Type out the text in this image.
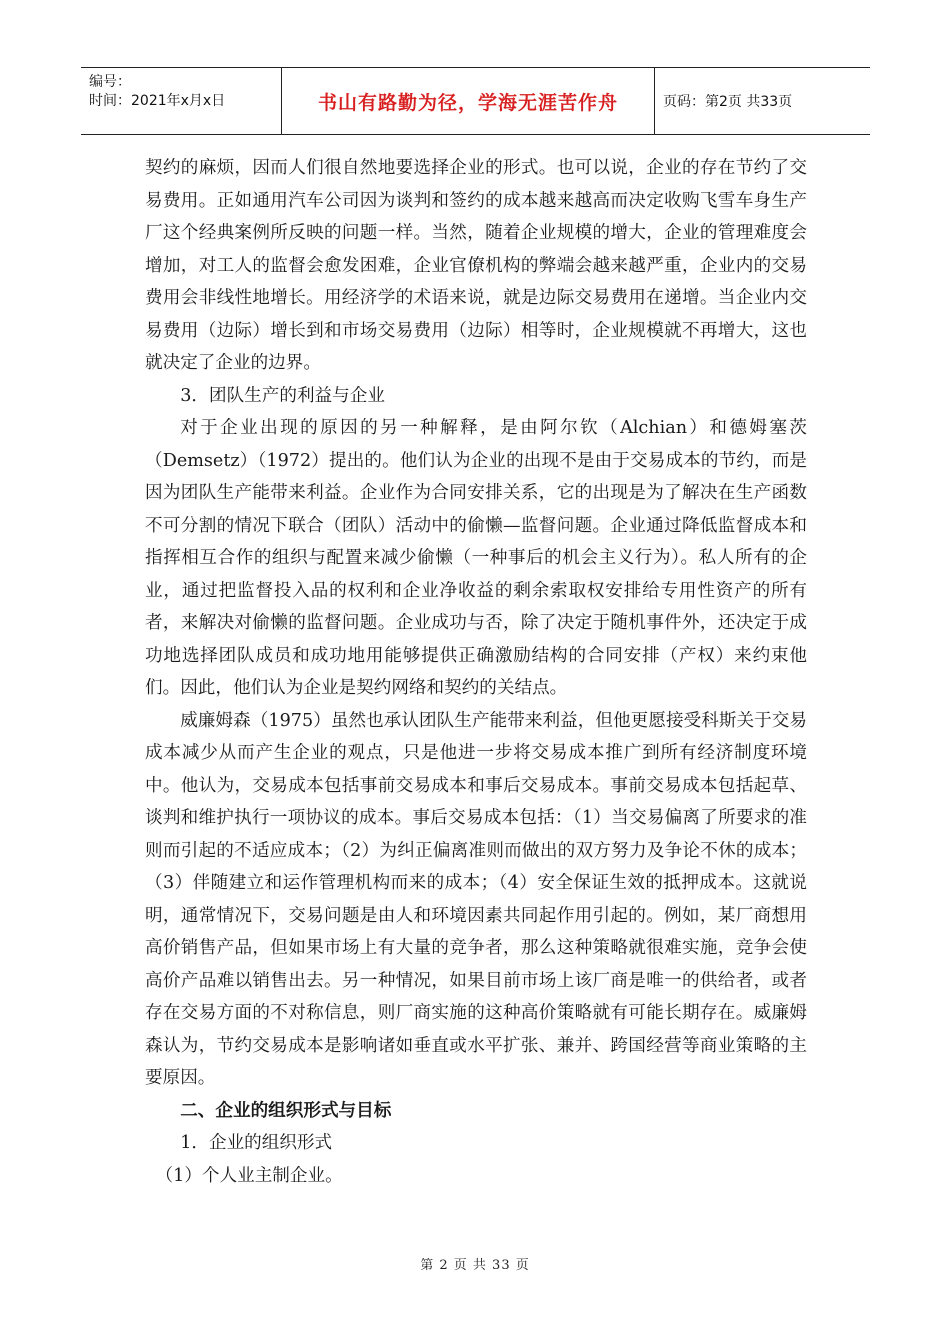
编号：
时间：2021年x月x日	书山有路勤为径，学海无涯苦作舟	页码：第2页 共33页

契约的麻烦，因而人们很自然地要选择企业的形式。也可以说，企业的存在节约了交易费用。正如通用汽车公司因为谈判和签约的成本越来越高而决定收购飞雪车身生产厂这个经典案例所反映的问题一样。当然，随着企业规模的增大，企业的管理难度会增加，对工人的监督会愈发困难，企业官僚机构的弊端会越来越严重，企业内的交易费用会非线性地增长。用经济学的术语来说，就是边际交易费用在递增。当企业内交易费用（边际）增长到和市场交易费用（边际）相等时，企业规模就不再增大，这也就决定了企业的边界。

3．团队生产的利益与企业

对于企业出现的原因的另一种解释，是由阿尔钦（Alchian）和德姆塞茨（Demsetz）（1972）提出的。他们认为企业的出现不是由于交易成本的节约，而是因为团队生产能带来利益。企业作为合同安排关系，它的出现是为了解决在生产函数不可分割的情况下联合（团队）活动中的偷懒—监督问题。企业通过降低监督成本和指挥相互合作的组织与配置来减少偷懒（一种事后的机会主义行为）。私人所有的企业，通过把监督投入品的权利和企业净收益的剩余索取权安排给专用性资产的所有者，来解决对偷懒的监督问题。企业成功与否，除了决定于随机事件外，还决定于成功地选择团队成员和成功地用能够提供正确激励结构的合同安排（产权）来约束他们。因此，他们认为企业是契约网络和契约的关结点。

威廉姆森（1975）虽然也承认团队生产能带来利益，但他更愿接受科斯关于交易成本减少从而产生企业的观点，只是他进一步将交易成本推广到所有经济制度环境中。他认为，交易成本包括事前交易成本和事后交易成本。事前交易成本包括起草、谈判和维护执行一项协议的成本。事后交易成本包括：（1）当交易偏离了所要求的准则而引起的不适应成本；（2）为纠正偏离准则而做出的双方努力及争论不休的成本；（3）伴随建立和运作管理机构而来的成本；（4）安全保证生效的抵押成本。这就说明，通常情况下，交易问题是由人和环境因素共同起作用引起的。例如，某厂商想用高价销售产品，但如果市场上有大量的竞争者，那么这种策略就很难实施，竞争会使高价产品难以销售出去。另一种情况，如果目前市场上该厂商是唯一的供给者，或者存在交易方面的不对称信息，则厂商实施的这种高价策略就有可能长期存在。威廉姆森认为，节约交易成本是影响诸如垂直或水平扩张、兼并、跨国经营等商业策略的主要原因。

二、企业的组织形式与目标

1．企业的组织形式

（1）个人业主制企业。

第 2 页 共 33 页
